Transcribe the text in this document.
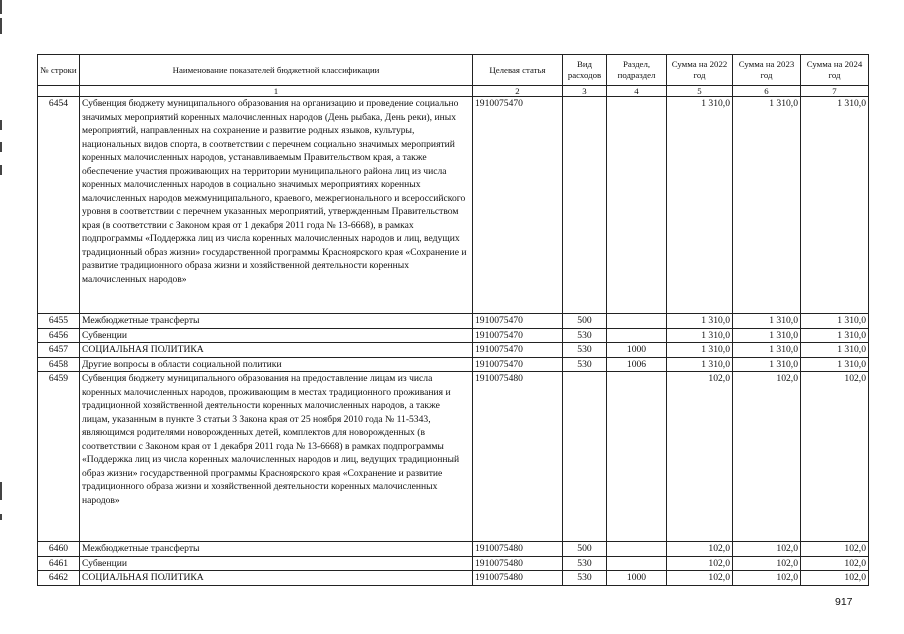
№ строки	Наименование показателей бюджетной классификации	Целевая статья	Вид расходов	Раздел, подраздел	Сумма на 2022 год	Сумма на 2023 год	Сумма на 2024 год
	1	2	3	4	5	6	7
6454	Субвенция бюджету муниципального образования на организацию и проведение социально значимых мероприятий коренных малочисленных народов (День рыбака, День реки), иных мероприятий, направленных на сохранение и развитие родных языков, культуры, национальных видов спорта, в соответствии с перечнем социально значимых мероприятий коренных малочисленных народов, устанавливаемым Правительством края, а также обеспечение участия проживающих на территории муниципального района лиц из числа коренных малочисленных народов в социально значимых мероприятиях коренных малочисленных народов межмуниципального, краевого, межрегионального и всероссийского уровня в соответствии с перечнем указанных мероприятий, утвержденным Правительством края (в соответствии с Законом края от 1 декабря 2011 года № 13-6668), в рамках подпрограммы «Поддержка лиц из числа коренных малочисленных народов и лиц, ведущих традиционный образ жизни» государственной программы Красноярского края «Сохранение и развитие традиционного образа жизни и хозяйственной деятельности коренных малочисленных народов»	1910075470			1 310,0	1 310,0	1 310,0
6455	Межбюджетные трансферты	1910075470	500		1 310,0	1 310,0	1 310,0
6456	Субвенции	1910075470	530		1 310,0	1 310,0	1 310,0
6457	СОЦИАЛЬНАЯ ПОЛИТИКА	1910075470	530	1000	1 310,0	1 310,0	1 310,0
6458	Другие вопросы в области социальной политики	1910075470	530	1006	1 310,0	1 310,0	1 310,0
6459	Субвенция бюджету муниципального образования на предоставление лицам из числа коренных малочисленных народов, проживающим в местах традиционного проживания и традиционной хозяйственной деятельности коренных малочисленных народов, а также лицам, указанным в пункте 3 статьи 3 Закона края от 25 ноября 2010 года № 11-5343, являющимся родителями новорожденных детей, комплектов для новорожденных (в соответствии с Законом края от 1 декабря 2011 года № 13-6668) в рамках подпрограммы «Поддержка лиц из числа коренных малочисленных народов и лиц, ведущих традиционный образ жизни» государственной программы Красноярского края «Сохранение и развитие традиционного образа жизни и хозяйственной деятельности коренных малочисленных народов»	1910075480			102,0	102,0	102,0
6460	Межбюджетные трансферты	1910075480	500		102,0	102,0	102,0
6461	Субвенции	1910075480	530		102,0	102,0	102,0
6462	СОЦИАЛЬНАЯ ПОЛИТИКА	1910075480	530	1000	102,0	102,0	102,0
917
